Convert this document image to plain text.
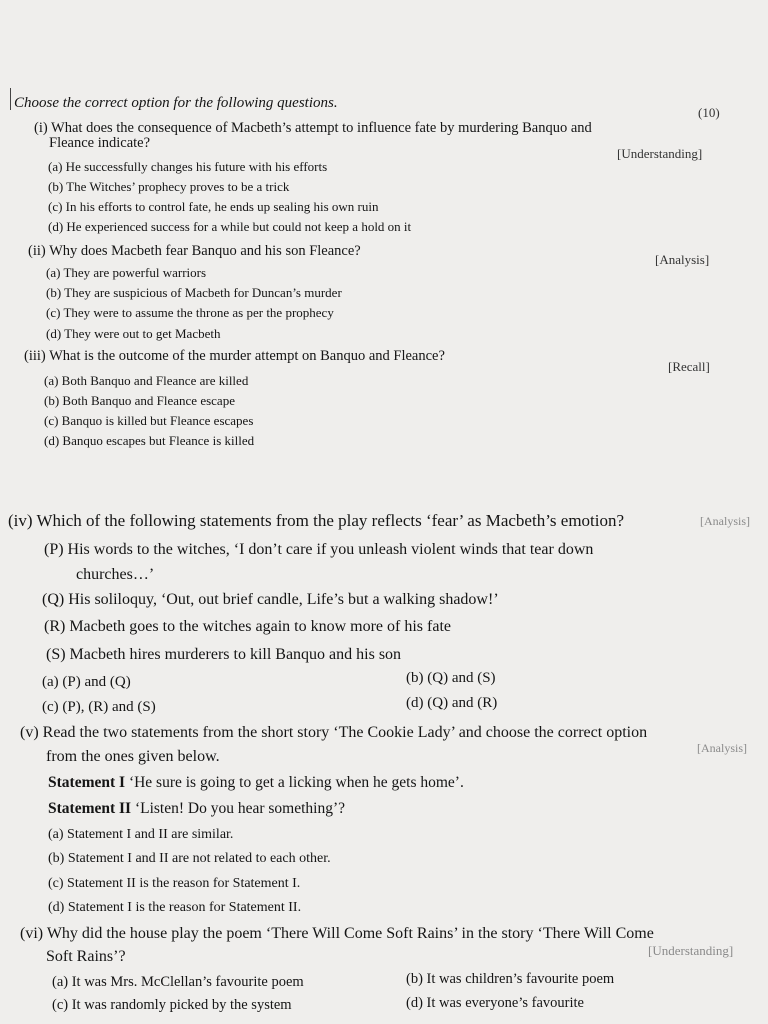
Choose the correct option for the following questions.
(10)
(i) What does the consequence of Macbeth’s attempt to influence fate by murdering Banquo and
Fleance indicate?
[Understanding]
(a) He successfully changes his future with his efforts
(b) The Witches’ prophecy proves to be a trick
(c) In his efforts to control fate, he ends up sealing his own ruin
(d) He experienced success for a while but could not keep a hold on it
(ii) Why does Macbeth fear Banquo and his son Fleance?
[Analysis]
(a) They are powerful warriors
(b) They are suspicious of Macbeth for Duncan’s murder
(c) They were to assume the throne as per the prophecy
(d) They were out to get Macbeth
(iii) What is the outcome of the murder attempt on Banquo and Fleance?
[Recall]
(a) Both Banquo and Fleance are killed
(b) Both Banquo and Fleance escape
(c) Banquo is killed but Fleance escapes
(d) Banquo escapes but Fleance is killed
(iv) Which of the following statements from the play reflects ‘fear’ as Macbeth’s emotion?	[Analysis]
(P) His words to the witches, ‘I don’t care if you unleash violent winds that tear down
churches…’
(Q) His soliloquy, ‘Out, out brief candle, Life’s but a walking shadow!’
(R) Macbeth goes to the witches again to know more of his fate
(S) Macbeth hires murderers to kill Banquo and his son
(a) (P) and (Q)	(b) (Q) and (S)
(c) (P), (R) and (S)	(d) (Q) and (R)
(v) Read the two statements from the short story ‘The Cookie Lady’ and choose the correct option
from the ones given below.	[Analysis]
Statement I ‘He sure is going to get a licking when he gets home’.
Statement II ‘Listen! Do you hear something’?
(a) Statement I and II are similar.
(b) Statement I and II are not related to each other.
(c) Statement II is the reason for Statement I.
(d) Statement I is the reason for Statement II.
(vi) Why did the house play the poem ‘There Will Come Soft Rains’ in the story ‘There Will Come
Soft Rains’?	[Understanding]
(a) It was Mrs. McClellan’s favourite poem	(b) It was children’s favourite poem
(c) It was randomly picked by the system	(d) It was everyone’s favourite
